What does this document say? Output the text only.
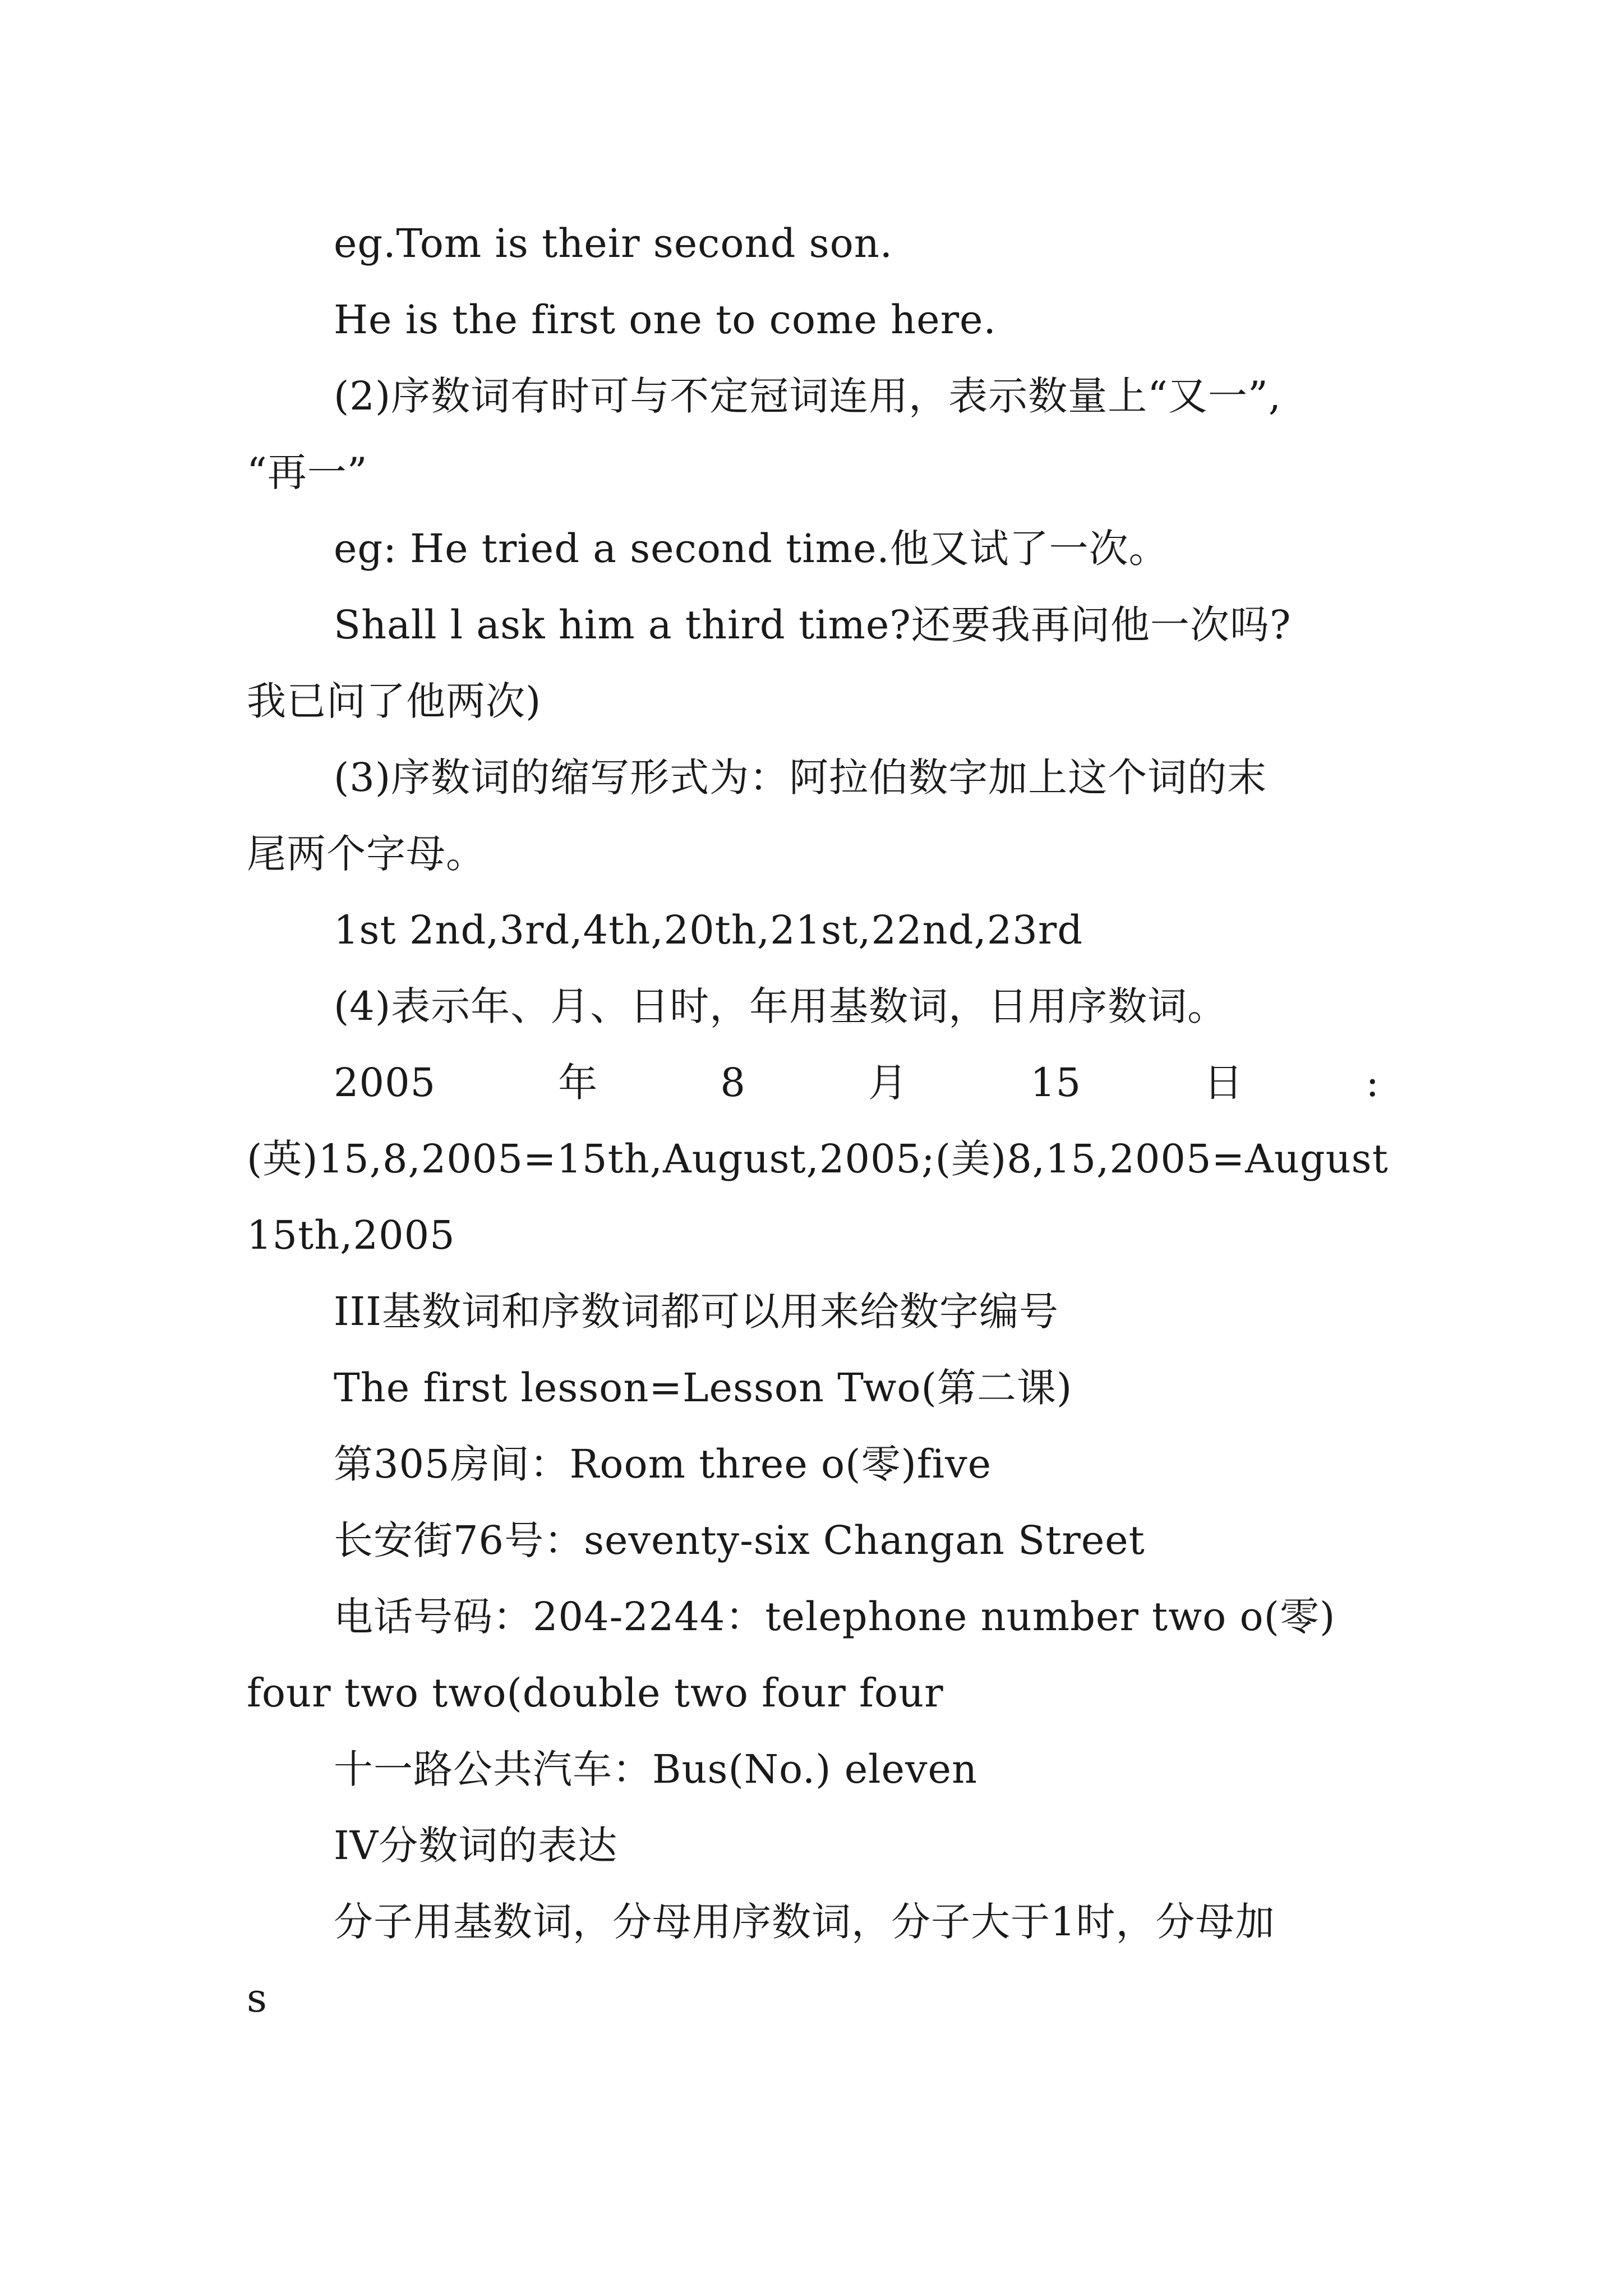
eg.Tom is their second son.
He is the first one to come here.
(2)序数词有时可与不定冠词连用，表示数量上“又一”,
“再一”
eg: He tried a second time.他又试了一次。
Shall l ask him a third time?还要我再问他一次吗?
我已问了他两次)
(3)序数词的缩写形式为：阿拉伯数字加上这个词的末
尾两个字母。
1st 2nd,3rd,4th,20th,21st,22nd,23rd
(4)表示年、月、日时，年用基数词，日用序数词。
2005	年	8	月	15	日	:
(英)15,8,2005=15th,August,2005;(美)8,15,2005=August
15th,2005
III基数词和序数词都可以用来给数字编号
The first lesson=Lesson Two(第二课)
第305房间：Room three o(零)five
长安街76号：seventy-six Changan Street
电话号码：204-2244：telephone number two o(零)
four two two(double two four four
十一路公共汽车：Bus(No.) eleven
IV分数词的表达
分子用基数词，分母用序数词，分子大于1时，分母加
s
